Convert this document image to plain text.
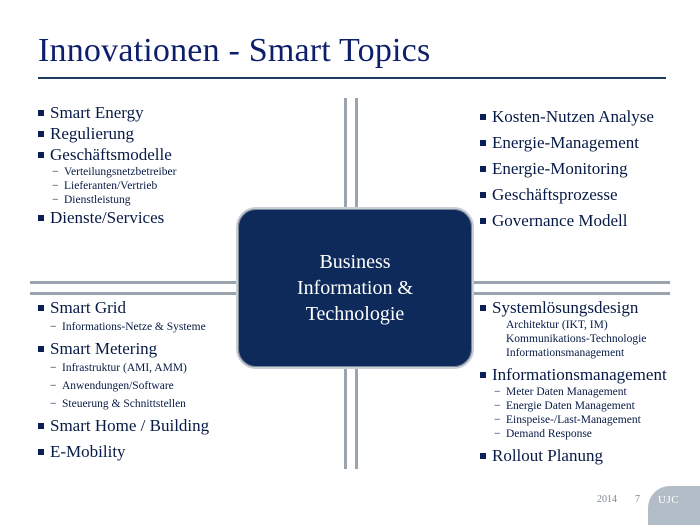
Innovationen - Smart Topics
Smart Energy
Regulierung
Geschäftsmodelle
− Verteilungsnetzbetreiber
− Lieferanten/Vertrieb
− Dienstleistung
Dienste/Services
Kosten-Nutzen Analyse
Energie-Management
Energie-Monitoring
Geschäftsprozesse
Governance Modell
Business
Information &
Technologie
Smart Grid
− Informations-Netze & Systeme
Smart Metering
− Infrastruktur (AMI, AMM)
− Anwendungen/Software
− Steuerung & Schnittstellen
Smart Home / Building
E-Mobility
Systemlösungsdesign
Architektur (IKT, IM)
Kommunikations-Technologie
Informationsmanagement
Informationsmanagement
− Meter Daten Management
− Energie Daten Management
− Einspeise-/Last-Management
− Demand Response
Rollout Planung
2014 7 UJC
